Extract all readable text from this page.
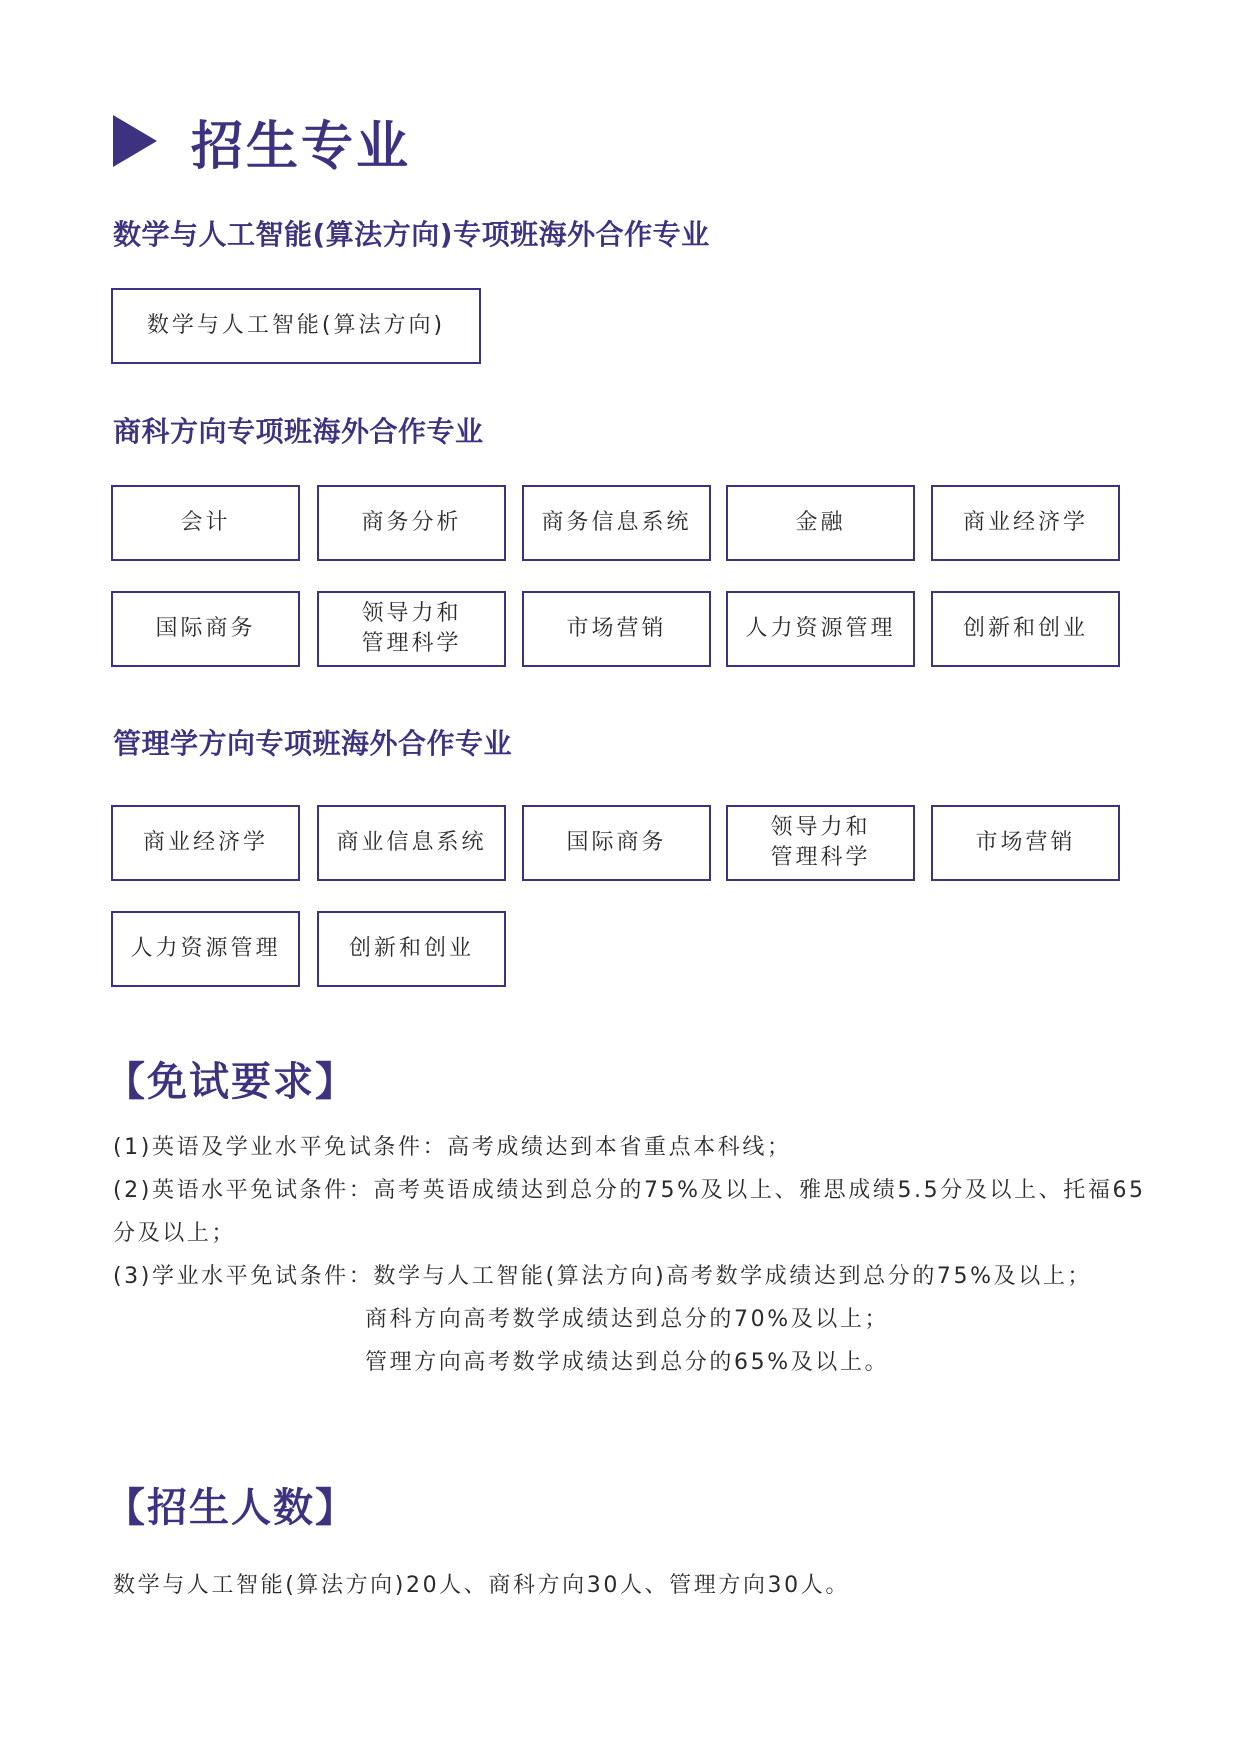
招生专业
数学与人工智能(算法方向)专项班海外合作专业
数学与人工智能(算法方向)
商科方向专项班海外合作专业
会计	商务分析	商务信息系统	金融	商业经济学
国际商务
领导力和
管理科学
市场营销	人力资源管理	创新和创业
管理学方向专项班海外合作专业
商业经济学	商业信息系统	国际商务
领导力和
管理科学
市场营销
人力资源管理	创新和创业
【免试要求】
(1)英语及学业水平免试条件：高考成绩达到本省重点本科线；
(2)英语水平免试条件：高考英语成绩达到总分的75%及以上、雅思成绩5.5分及以上、托福65
分及以上；
(3)学业水平免试条件：数学与人工智能(算法方向)高考数学成绩达到总分的75%及以上；
商科方向高考数学成绩达到总分的70%及以上；
管理方向高考数学成绩达到总分的65%及以上。
【招生人数】
数学与人工智能(算法方向)20人、商科方向30人、管理方向30人。
